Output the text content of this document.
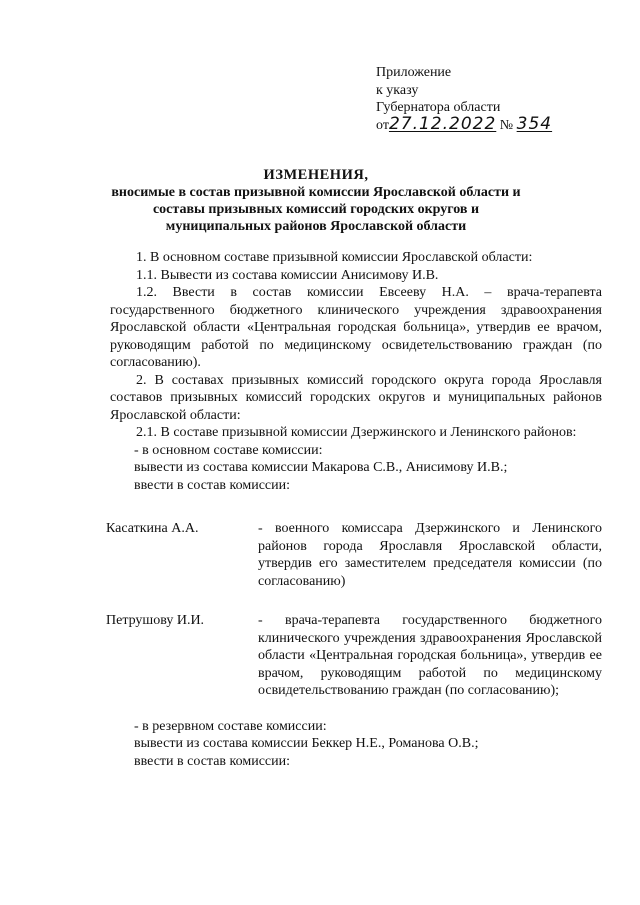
Приложение
к указу
Губернатора области
от27.12.2022 № 354
ИЗМЕНЕНИЯ,
вносимые в состав призывной комиссии Ярославской области и составы призывных комиссий городских округов и муниципальных районов Ярославской области

1. В основном составе призывной комиссии Ярославской области:

1.1. Вывести из состава комиссии Анисимову И.В.

1.2. Ввести в состав комиссии Евсееву Н.А. – врача-терапевта государственного бюджетного клинического учреждения здравоохранения Ярославской области «Центральная городская больница», утвердив ее врачом, руководящим работой по медицинскому освидетельствованию граждан (по согласованию).

2. В составах призывных комиссий городского округа города Ярославля составов призывных комиссий городских округов и муниципальных районов Ярославской области:

2.1. В составе призывной комиссии Дзержинского и Ленинского районов:

- в основном составе комиссии:

вывести из состава комиссии Макарова С.В., Анисимову И.В.;

ввести в состав комиссии:

Касаткина А.А.	- военного комиссара Дзержинского и Ленинского районов города Ярославля Ярославской области, утвердив его заместителем председателя комиссии (по согласованию)
Петрушову И.И.	- врача-терапевта государственного бюджетного клинического учреждения здравоохранения Ярославской области «Центральная городская больница», утвердив ее врачом, руководящим работой по медицинскому освидетельствованию граждан (по согласованию);

- в резервном составе комиссии:

вывести из состава комиссии Беккер Н.Е., Романова О.В.;

ввести в состав комиссии:
